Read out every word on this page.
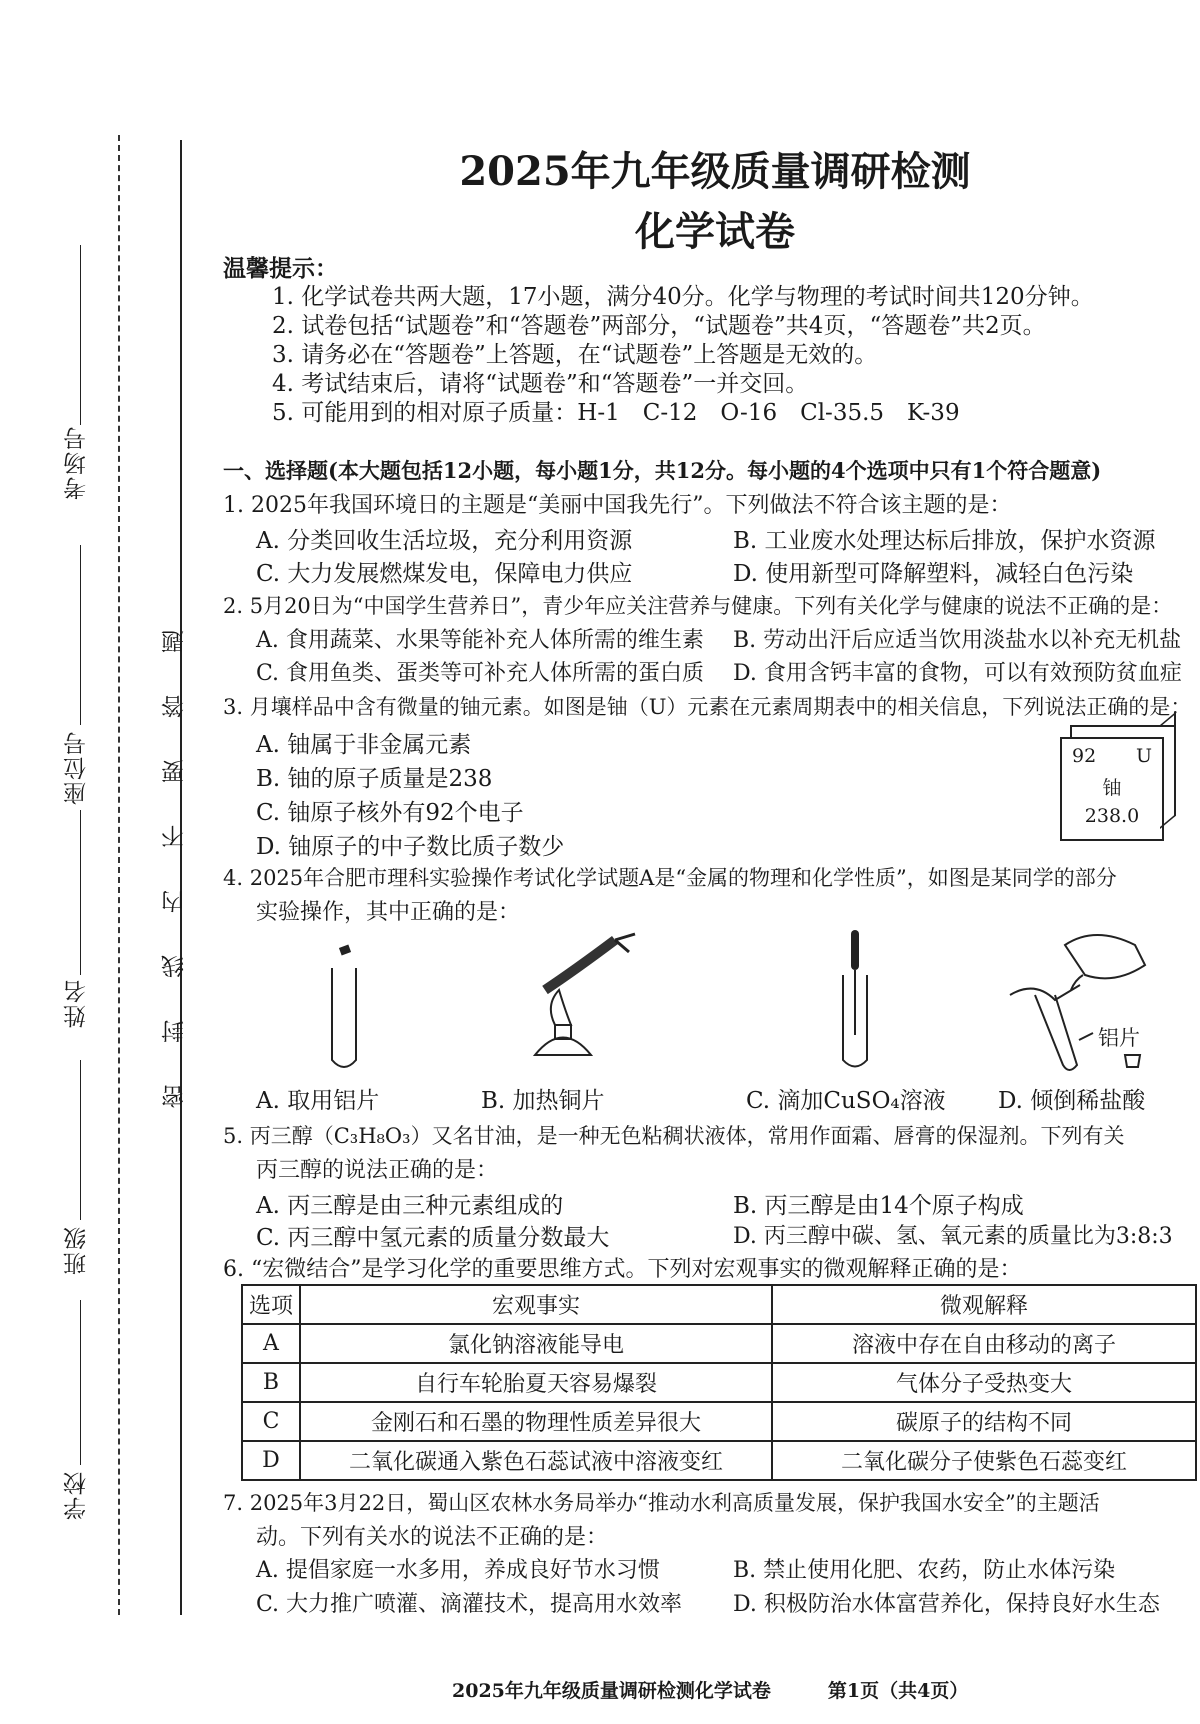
考场号
座位号
姓名
班级
学校
题
答
要
不
内
线
封
密
2025年九年级质量调研检测
化学试卷
温馨提示：
1. 化学试卷共两大题，17小题，满分40分。化学与物理的考试时间共120分钟。
2. 试卷包括“试题卷”和“答题卷”两部分，“试题卷”共4页，“答题卷”共2页。
3. 请务必在“答题卷”上答题，在“试题卷”上答题是无效的。
4. 考试结束后，请将“试题卷”和“答题卷”一并交回。
5. 可能用到的相对原子质量：H-1　C-12　O-16　Cl-35.5　K-39
一、选择题(本大题包括12小题，每小题1分，共12分。每小题的4个选项中只有1个符合题意)
1. 2025年我国环境日的主题是“美丽中国我先行”。下列做法不符合该主题的是：
A. 分类回收生活垃圾，充分利用资源	B. 工业废水处理达标后排放，保护水资源
C. 大力发展燃煤发电，保障电力供应	D. 使用新型可降解塑料，减轻白色污染
2. 5月20日为“中国学生营养日”，青少年应关注营养与健康。下列有关化学与健康的说法不正确的是：
A. 食用蔬菜、水果等能补充人体所需的维生素 B. 劳动出汗后应适当饮用淡盐水以补充无机盐
C. 食用鱼类、蛋类等可补充人体所需的蛋白质 D. 食用含钙丰富的食物，可以有效预防贫血症
3. 月壤样品中含有微量的铀元素。如图是铀（U）元素在元素周期表中的相关信息，下列说法正确的是：
A. 铀属于非金属元素
B. 铀的原子质量是238
C. 铀原子核外有92个电子
D. 铀原子的中子数比质子数少
92 U
铀
238.0
4. 2025年合肥市理科实验操作考试化学试题A是“金属的物理和化学性质”，如图是某同学的部分
实验操作，其中正确的是：
铝片
A. 取用铝片	B. 加热铜片	C. 滴加CuSO₄溶液 D. 倾倒稀盐酸
5. 丙三醇（C₃H₈O₃）又名甘油，是一种无色粘稠状液体，常用作面霜、唇膏的保湿剂。下列有关
丙三醇的说法正确的是：
A. 丙三醇是由三种元素组成的	B. 丙三醇是由14个原子构成
C. 丙三醇中氢元素的质量分数最大	D. 丙三醇中碳、氢、氧元素的质量比为3:8:3
6. “宏微结合”是学习化学的重要思维方式。下列对宏观事实的微观解释正确的是：
选项	宏观事实	微观解释
A	氯化钠溶液能导电	溶液中存在自由移动的离子
B	自行车轮胎夏天容易爆裂	气体分子受热变大
C	金刚石和石墨的物理性质差异很大	碳原子的结构不同
D	二氧化碳通入紫色石蕊试液中溶液变红	二氧化碳分子使紫色石蕊变红
7. 2025年3月22日，蜀山区农林水务局举办“推动水利高质量发展，保护我国水安全”的主题活
动。下列有关水的说法不正确的是：
A. 提倡家庭一水多用，养成良好节水习惯	B. 禁止使用化肥、农药，防止水体污染
C. 大力推广喷灌、滴灌技术，提高用水效率 D. 积极防治水体富营养化，保持良好水生态
2025年九年级质量调研检测化学试卷　　　第1页（共4页）
